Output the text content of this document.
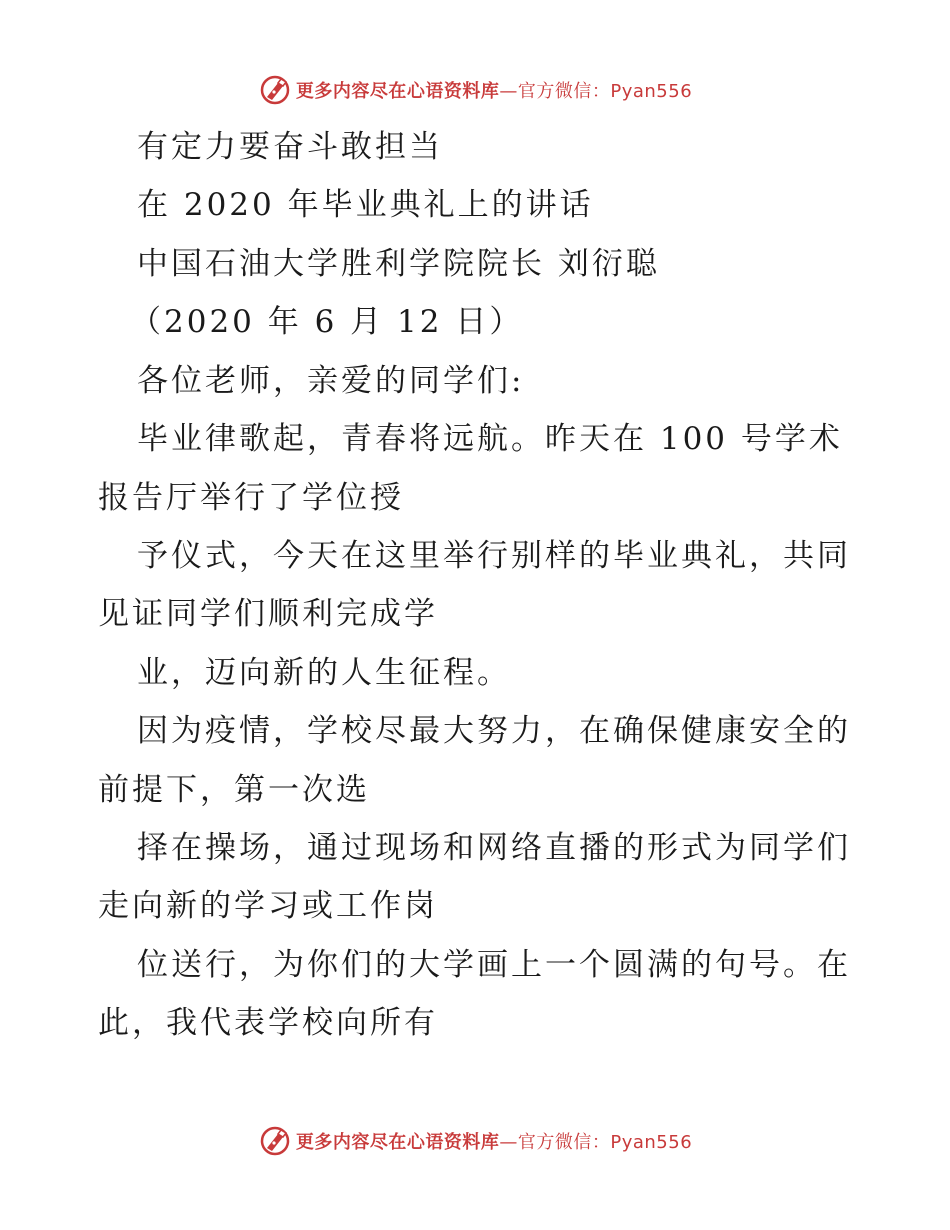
更多内容尽在心语资料库—官方微信：Pyan556
有定力要奋斗敢担当
在 2020 年毕业典礼上的讲话
中国石油大学胜利学院院长 刘衍聪
（2020 年 6 月 12 日）
各位老师，亲爱的同学们:
毕业律歌起，青春将远航。昨天在 100 号学术
报告厅举行了学位授
予仪式，今天在这里举行别样的毕业典礼，共同
见证同学们顺利完成学
业，迈向新的人生征程。
因为疫情，学校尽最大努力，在确保健康安全的
前提下，第一次选
择在操场，通过现场和网络直播的形式为同学们
走向新的学习或工作岗
位送行，为你们的大学画上一个圆满的句号。在
此，我代表学校向所有
更多内容尽在心语资料库—官方微信：Pyan556
